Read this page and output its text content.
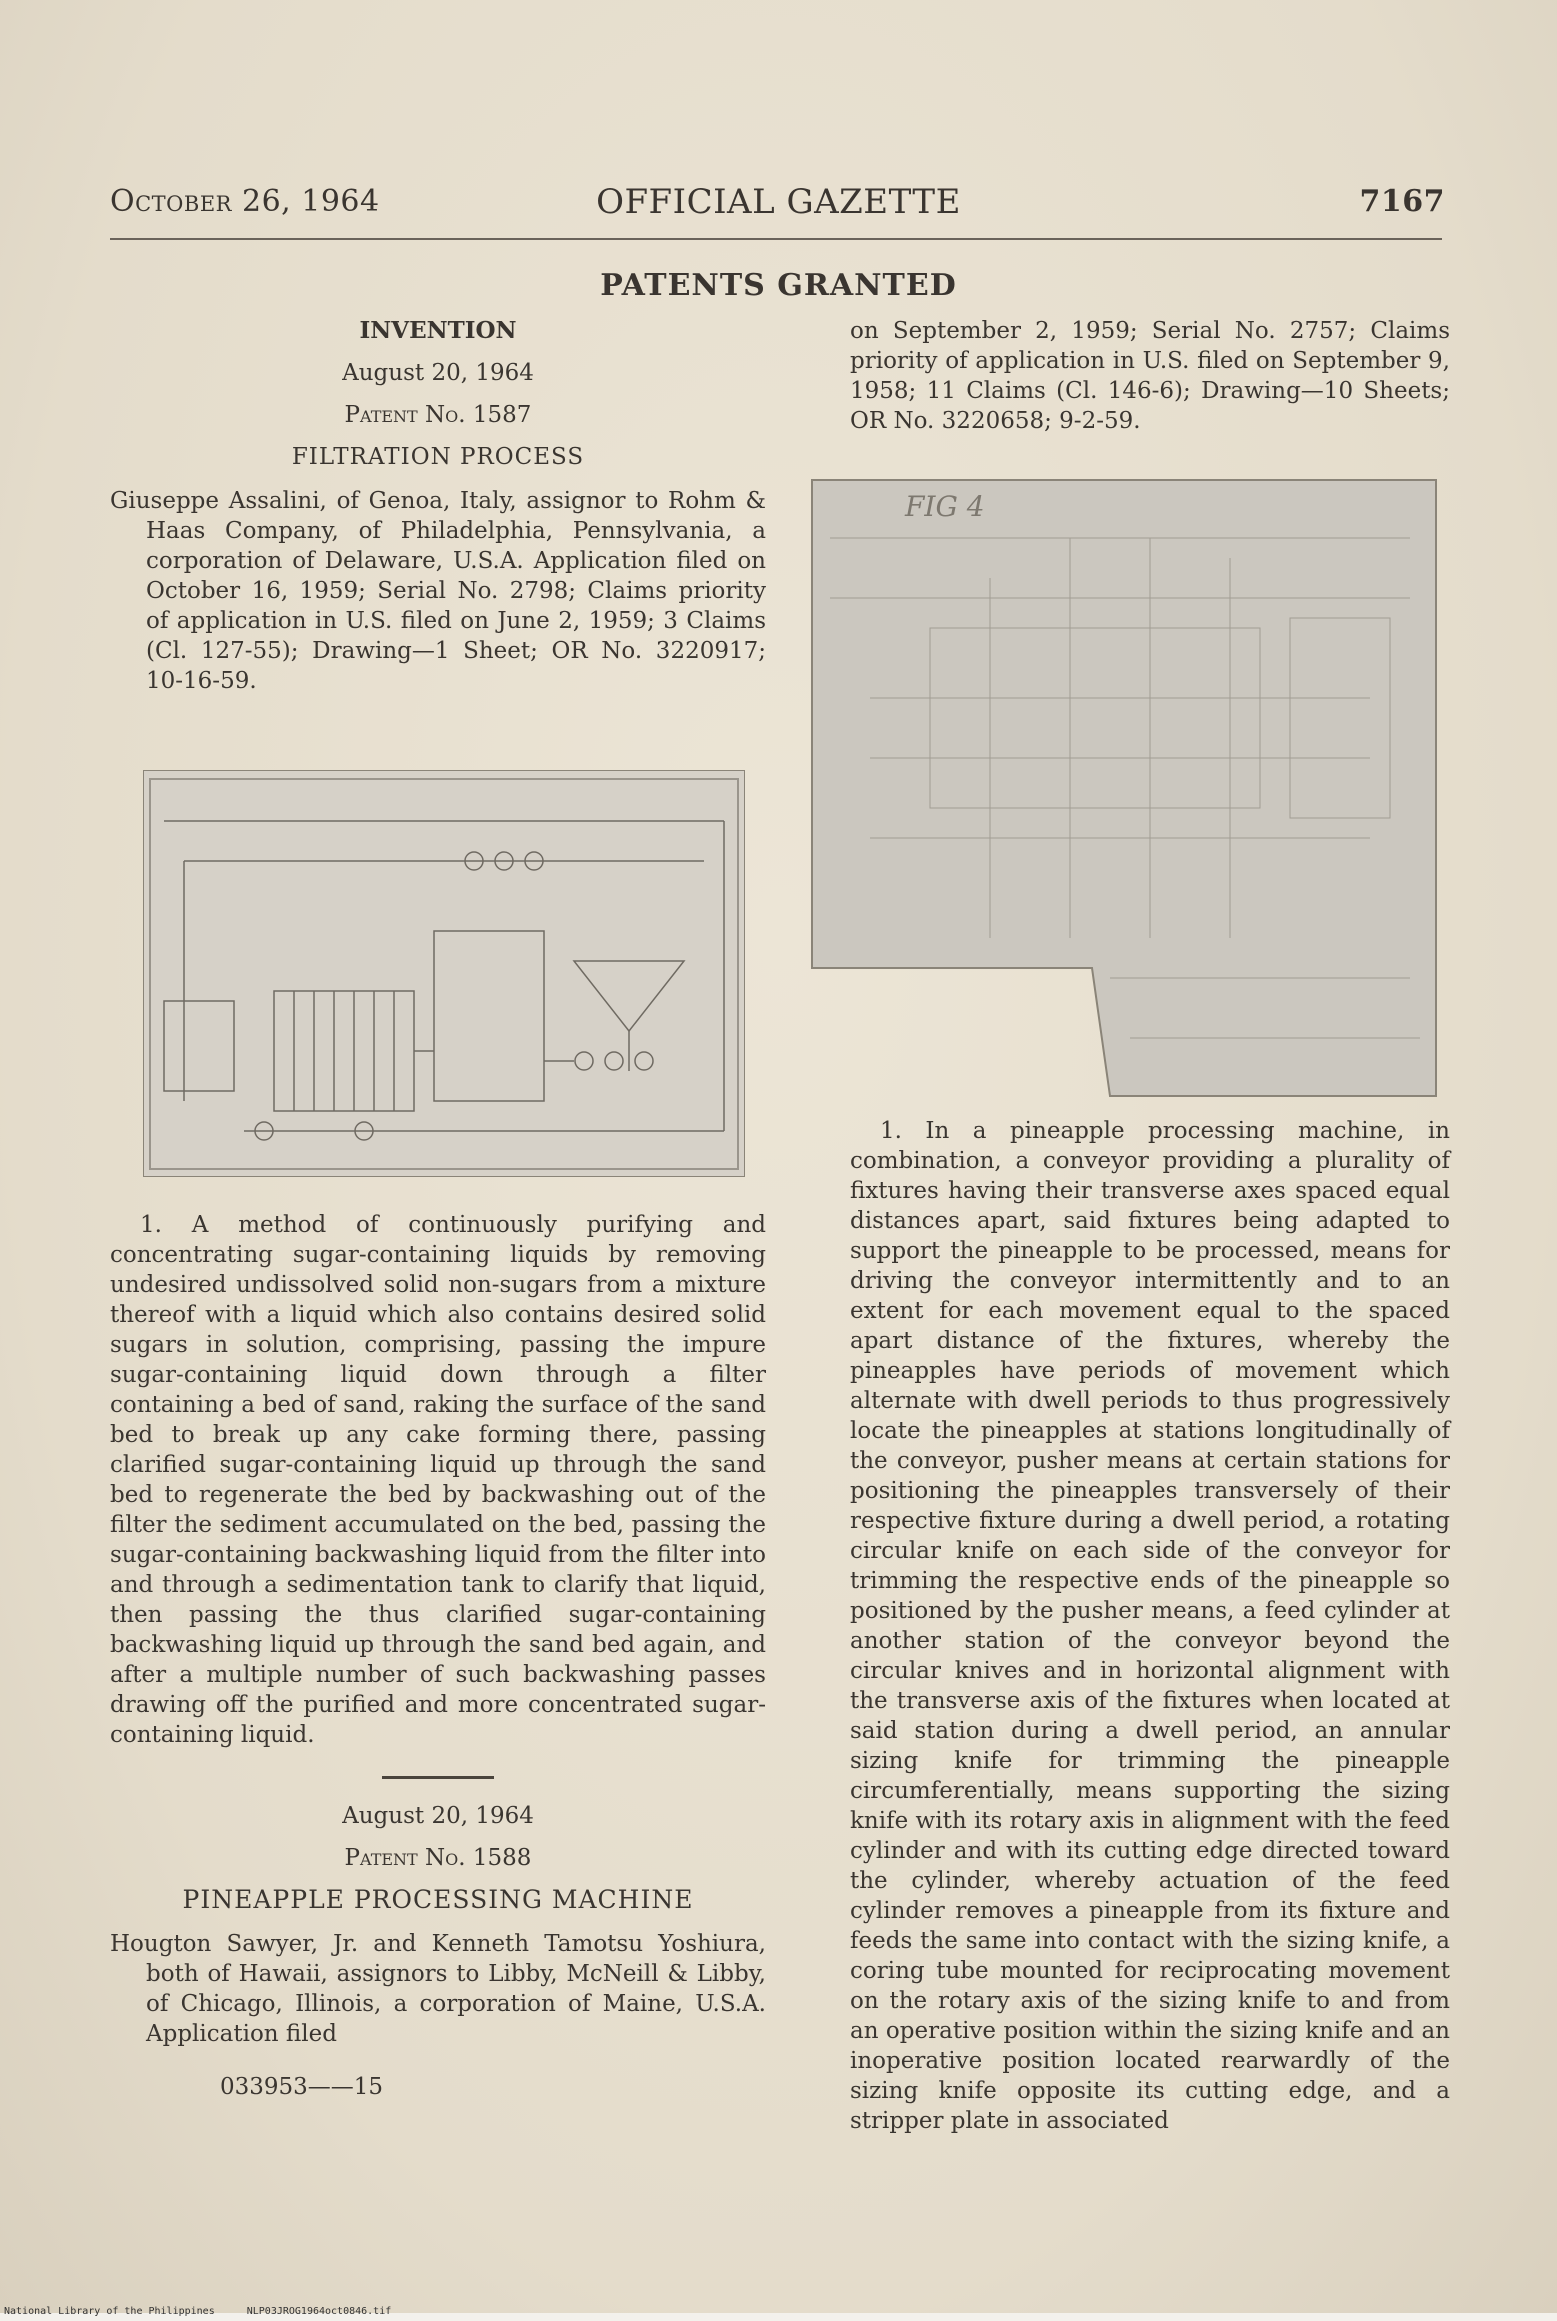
October 26, 1964	OFFICIAL GAZETTE	7167
PATENTS GRANTED

INVENTION

August 20, 1964

Patent No. 1587

FILTRATION PROCESS

Giuseppe Assalini, of Genoa, Italy, assignor to Rohm & Haas Company, of Philadelphia, Pennsylvania, a corporation of Delaware, U.S.A. Application filed on October 16, 1959; Serial No. 2798; Claims priority of application in U.S. filed on June 2, 1959; 3 Claims (Cl. 127-55); Drawing—1 Sheet; OR No. 3220917; 10-16-59.

1. A method of continuously purifying and concentrating sugar-containing liquids by removing undesired undissolved solid non-sugars from a mixture thereof with a liquid which also contains desired solid sugars in solution, comprising, passing the impure sugar-containing liquid down through a filter containing a bed of sand, raking the surface of the sand bed to break up any cake forming there, passing clarified sugar-containing liquid up through the sand bed to regenerate the bed by backwashing out of the filter the sediment accumulated on the bed, passing the sugar-containing backwashing liquid from the filter into and through a sedimentation tank to clarify that liquid, then passing the thus clarified sugar-containing backwashing liquid up through the sand bed again, and after a multiple number of such backwashing passes drawing off the purified and more concentrated sugar-containing liquid.

August 20, 1964

Patent No. 1588

PINEAPPLE PROCESSING MACHINE

Hougton Sawyer, Jr. and Kenneth Tamotsu Yoshiura, both of Hawaii, assignors to Libby, McNeill & Libby, of Chicago, Illinois, a corporation of Maine, U.S.A. Application filed

033953——15

on September 2, 1959; Serial No. 2757; Claims priority of application in U.S. filed on September 9, 1958; 11 Claims (Cl. 146-6); Drawing—10 Sheets; OR No. 3220658; 9-2-59.

FIG 4

1. In a pineapple processing machine, in combination, a conveyor providing a plurality of fixtures having their transverse axes spaced equal distances apart, said fixtures being adapted to support the pineapple to be processed, means for driving the conveyor intermittently and to an extent for each movement equal to the spaced apart distance of the fixtures, whereby the pineapples have periods of movement which alternate with dwell periods to thus progressively locate the pineapples at stations longitudinally of the conveyor, pusher means at certain stations for positioning the pineapples transversely of their respective fixture during a dwell period, a rotating circular knife on each side of the conveyor for trimming the respective ends of the pineapple so positioned by the pusher means, a feed cylinder at another station of the conveyor beyond the circular knives and in horizontal alignment with the transverse axis of the fixtures when located at said station during a dwell period, an annular sizing knife for trimming the pineapple circumferentially, means supporting the sizing knife with its rotary axis in alignment with the feed cylinder and with its cutting edge directed toward the cylinder, whereby actuation of the feed cylinder removes a pineapple from its fixture and feeds the same into contact with the sizing knife, a coring tube mounted for reciprocating movement on the rotary axis of the sizing knife to and from an operative position within the sizing knife and an inoperative position located rearwardly of the sizing knife opposite its cutting edge, and a stripper plate in associated

National Library of the Philippines	NLP03JROG1964oct0846.tif
